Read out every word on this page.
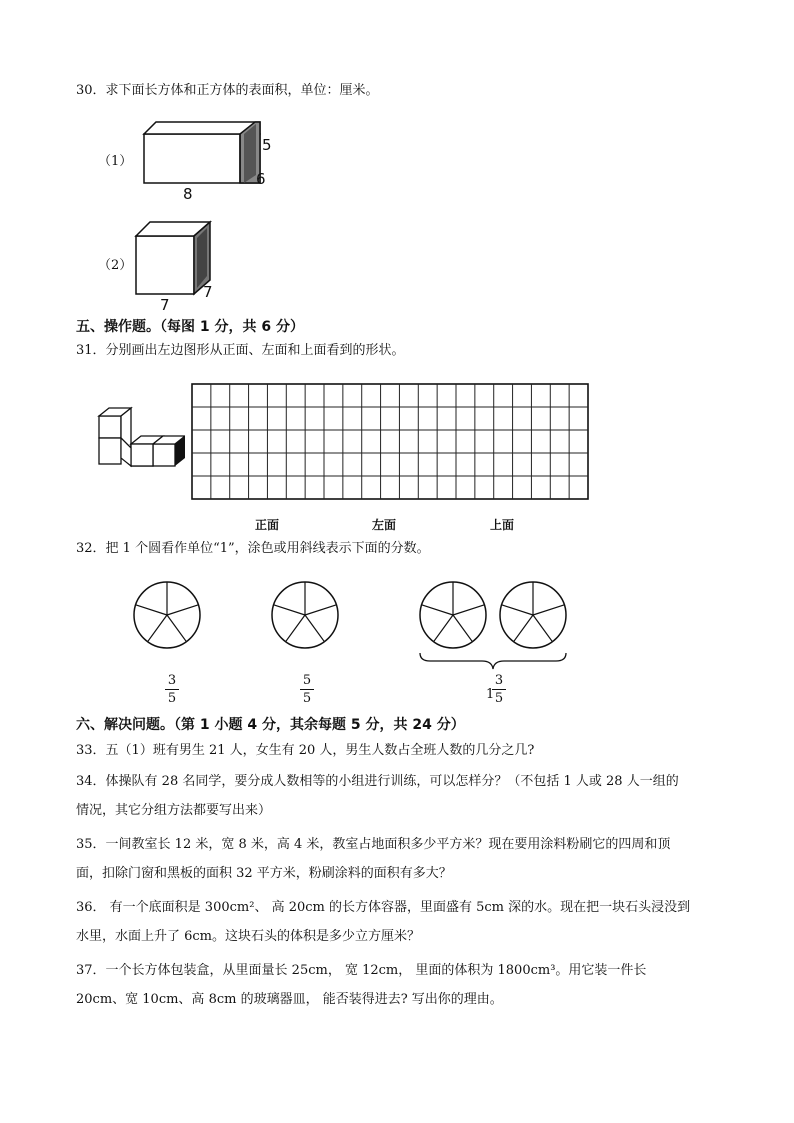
30．求下面长方体和正方体的表面积，单位：厘米。
（1）
5
6
8
（2）
7
7
五、操作题。（每图 1 分，共 6 分）
31．分别画出左边图形从正面、左面和上面看到的形状。
正面	左面	上面
32．把 1 个圆看作单位“1”，涂色或用斜线表示下面的分数。
3
5
5
5	1
3
5
六、解决问题。（第 1 小题 4 分，其余每题 5 分，共 24 分）
33．五（1）班有男生 21 人，女生有 20 人，男生人数占全班人数的几分之几?
34．体操队有 28 名同学，要分成人数相等的小组进行训练，可以怎样分？（不包括 1 人或 28 人一组的
情况，其它分组方法都要写出来）
35．一间教室长 12 米，宽 8 米，高 4 米，教室占地面积多少平方米？现在要用涂料粉刷它的四周和顶
面，扣除门窗和黑板的面积 32 平方米，粉刷涂料的面积有多大？
36． 有一个底面积是 300cm²、 高 20cm 的长方体容器，里面盛有 5cm 深的水。现在把一块石头浸没到
水里，水面上升了 6cm。这块石头的体积是多少立方厘米？
37．一个长方体包装盒，从里面量长 25cm， 宽 12cm， 里面的体积为 1800cm³。用它装一件长
20cm、宽 10cm、高 8cm 的玻璃器皿， 能否装得进去? 写出你的理由。
